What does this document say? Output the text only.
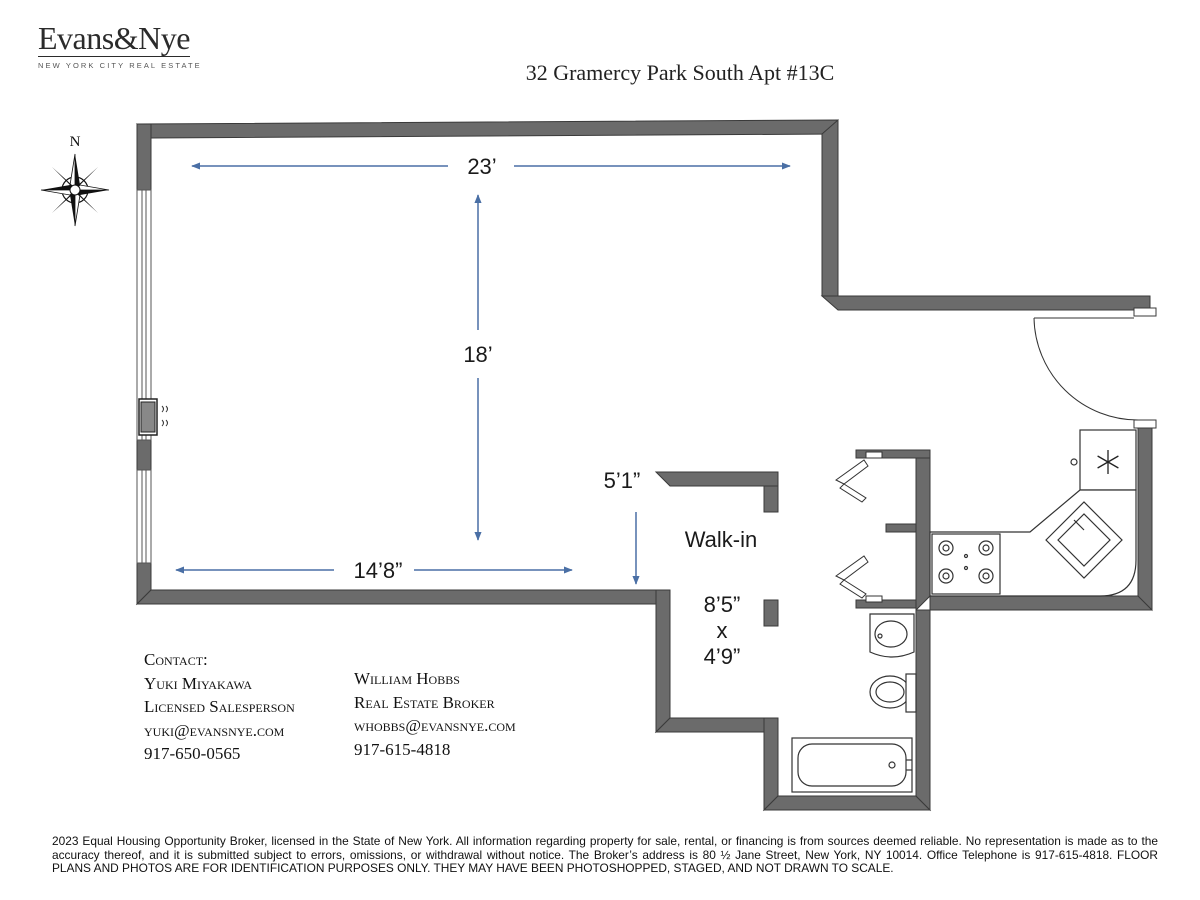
Evans&Nye
NEW YORK CITY REAL ESTATE	32 Gramercy Park South Apt #13C
N
23’
18’
14’8”
5’1”
Walk-in
8’5”
x
4’9”
Contact:
Yuki Miyakawa
Licensed Salesperson
yuki@evansnye.com
917-650-0565
William Hobbs
Real Estate Broker
whobbs@evansnye.com
917-615-4818
2023 Equal Housing Opportunity Broker, licensed in the State of New York. All information regarding property for sale, rental, or financing is from sources deemed reliable. No representation is made as to the accuracy thereof, and it is submitted subject to errors, omissions, or withdrawal without notice. The Broker’s address is 80 ½ Jane Street, New York, NY 10014. Office Telephone is 917-615-4818. FLOOR PLANS AND PHOTOS ARE FOR IDENTIFICATION PURPOSES ONLY. THEY MAY HAVE BEEN PHOTOSHOPPED, STAGED, AND NOT DRAWN TO SCALE.
